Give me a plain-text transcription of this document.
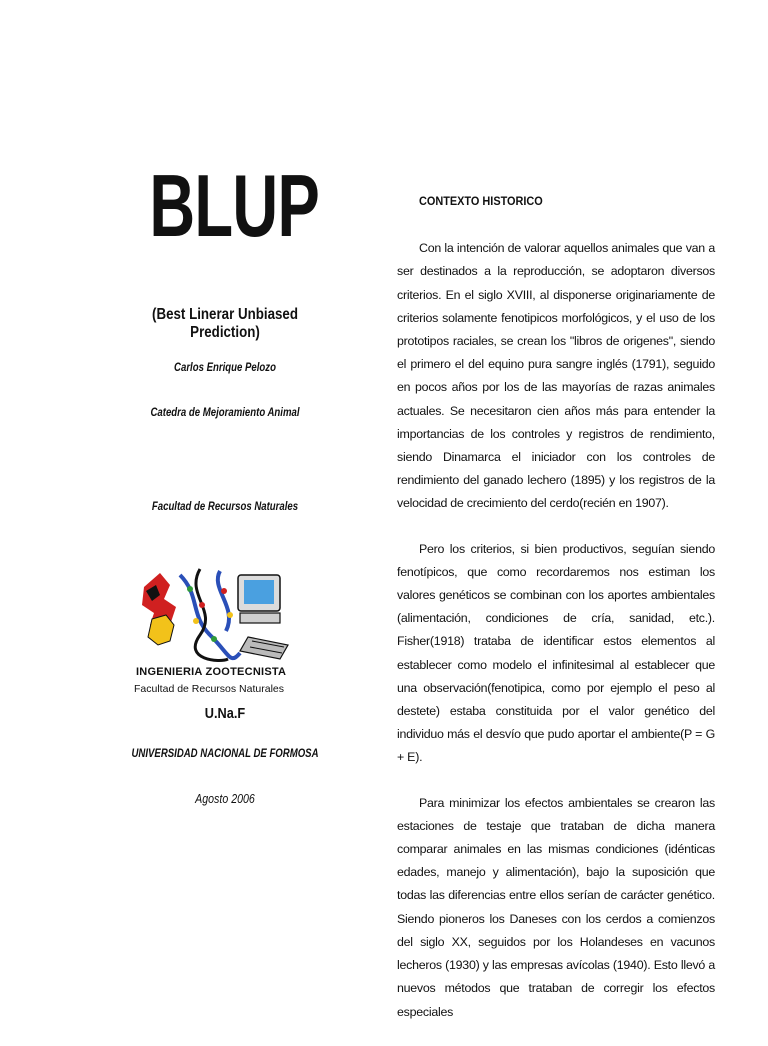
BLUP
(Best Linerar Unbiased Prediction)
Carlos Enrique Pelozo
Catedra de Mejoramiento Animal
Facultad de Recursos Naturales
INGENIERIA ZOOTECNISTA
Facultad de Recursos Naturales
U.Na.F
UNIVERSIDAD NACIONAL DE FORMOSA
Agosto 2006
CONTEXTO HISTORICO

Con la intención de valorar aquellos animales que van a ser destinados a la reproducción, se adoptaron diversos criterios. En el siglo XVIII, al disponerse originariamente de criterios solamente fenotipicos morfológicos, y el uso de los prototipos raciales, se crean los "libros de origenes", siendo el primero el del equino pura sangre inglés (1791), seguido en pocos años por los de las mayorías de razas animales actuales. Se necesitaron cien años más para entender la importancias de los controles y registros de rendimiento, siendo Dinamarca el iniciador con los controles de rendimiento del ganado lechero (1895) y los registros de la velocidad de crecimiento del cerdo(recién en 1907).

Pero los criterios, si bien productivos, seguían siendo fenotípicos, que como recordaremos nos estiman los valores genéticos se combinan con los aportes ambientales (alimentación, condiciones de cría, sanidad, etc.). Fisher(1918) trataba de identificar estos elementos al establecer como modelo el infinitesimal al establecer que una observación(fenotipica, como por ejemplo el peso al destete) estaba constituida por el valor genético del individuo más el desvío que pudo aportar el ambiente(P = G + E).

Para minimizar los efectos ambientales se crearon las estaciones de testaje que trataban de dicha manera comparar animales en las mismas condiciones (idénticas edades, manejo y alimentación), bajo la suposición que todas las diferencias entre ellos serían de carácter genético. Siendo pioneros los Daneses con los cerdos a comienzos del siglo XX, seguidos por los Holandeses en vacunos lecheros (1930) y las empresas avícolas (1940). Esto llevó a nuevos métodos que trataban de corregir los efectos especiales
